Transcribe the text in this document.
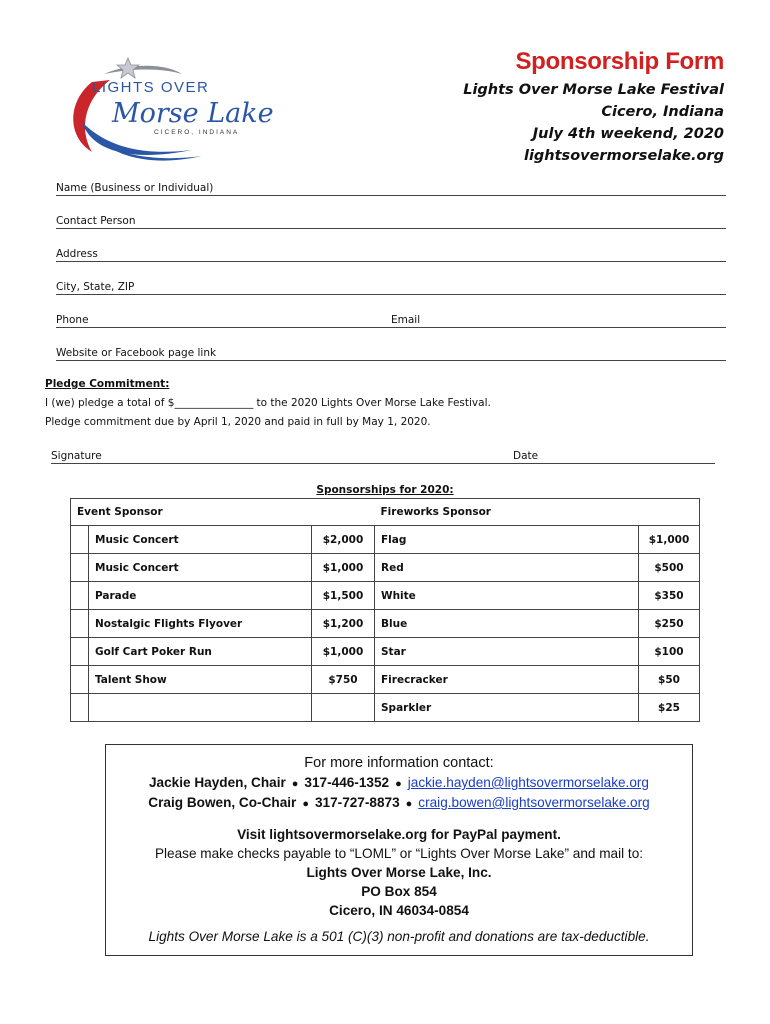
LIGHTS OVER
Morse Lake
CICERO, INDIANA
Sponsorship Form
Lights Over Morse Lake Festival
Cicero, Indiana
July 4th weekend, 2020
lightsovermorselake.org
Name (Business or Individual)
Contact Person
Address
City, State, ZIP
Phone	Email
Website or Facebook page link
Pledge Commitment:
I (we) pledge a total of $_______________ to the 2020 Lights Over Morse Lake Festival.
Pledge commitment due by April 1, 2020 and paid in full by May 1, 2020.
Signature	Date
Sponsorships for 2020:
Event Sponsor			Fireworks Sponsor	
	Music Concert	$2,000	Flag	$1,000
	Music Concert	$1,000	Red	$500
	Parade	$1,500	White	$350
	Nostalgic Flights Flyover	$1,200	Blue	$250
	Golf Cart Poker Run	$1,000	Star	$100
	Talent Show	$750	Firecracker	$50
			Sparkler	$25
For more information contact:
Jackie Hayden, Chair ● 317-446-1352 ● jackie.hayden@lightsovermorselake.org
Craig Bowen, Co-Chair ● 317-727-8873 ● craig.bowen@lightsovermorselake.org
Visit lightsovermorselake.org for PayPal payment.
Please make checks payable to “LOML” or “Lights Over Morse Lake” and mail to:
Lights Over Morse Lake, Inc.
PO Box 854
Cicero, IN 46034-0854
Lights Over Morse Lake is a 501 (C)(3) non-profit and donations are tax-deductible.
